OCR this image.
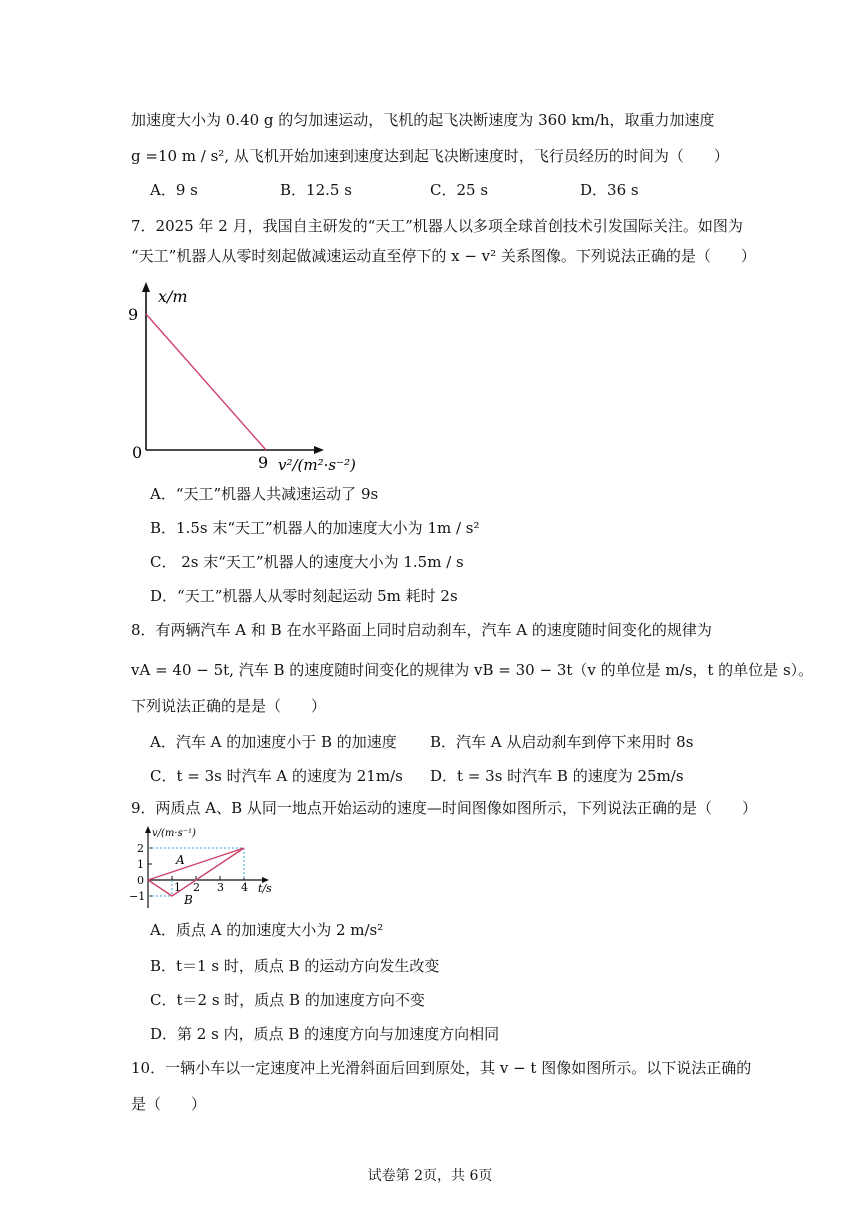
加速度大小为 0.40 g 的匀加速运动，飞机的起飞决断速度为 360 km/h，取重力加速度
g =10 m / s², 从飞机开始加速到速度达到起飞决断速度时，飞行员经历的时间为（　　）
A．9 s	B．12.5 s	C．25 s	D．36 s
7．2025 年 2 月，我国自主研发的“天工”机器人以多项全球首创技术引发国际关注。如图为
“天工”机器人从零时刻起做减速运动直至停下的 x − v² 关系图像。下列说法正确的是（　　）
x/m
9
0
9 v²/(m²·s⁻²)
A．“天工”机器人共减速运动了 9s
B．1.5s 末“天工”机器人的加速度大小为 1m / s²
C． 2s 末“天工”机器人的速度大小为 1.5m / s
D．“天工”机器人从零时刻起运动 5m 耗时 2s
8．有两辆汽车 A 和 B 在水平路面上同时启动刹车，汽车 A 的速度随时间变化的规律为
vA = 40 − 5t, 汽车 B 的速度随时间变化的规律为 vB = 30 − 3t（v 的单位是 m/s，t 的单位是 s）。
下列说法正确的是是（　　）
A．汽车 A 的加速度小于 B 的加速度 B．汽车 A 从启动刹车到停下来用时 8s
C．t = 3s 时汽车 A 的速度为 21m/s D．t = 3s 时汽车 B 的速度为 25m/s
9．两质点 A、B 从同一地点开始运动的速度—时间图像如图所示，下列说法正确的是（　　）
v/(m·s⁻¹)
2
1
0
−1
1 2 3 4 t/s
A
B
A．质点 A 的加速度大小为 2 m/s²
B．t＝1 s 时，质点 B 的运动方向发生改变
C．t＝2 s 时，质点 B 的加速度方向不变
D．第 2 s 内，质点 B 的速度方向与加速度方向相同
10．一辆小车以一定速度冲上光滑斜面后回到原处，其 v − t 图像如图所示。以下说法正确的
是（　　）
试卷第 2页，共 6页
